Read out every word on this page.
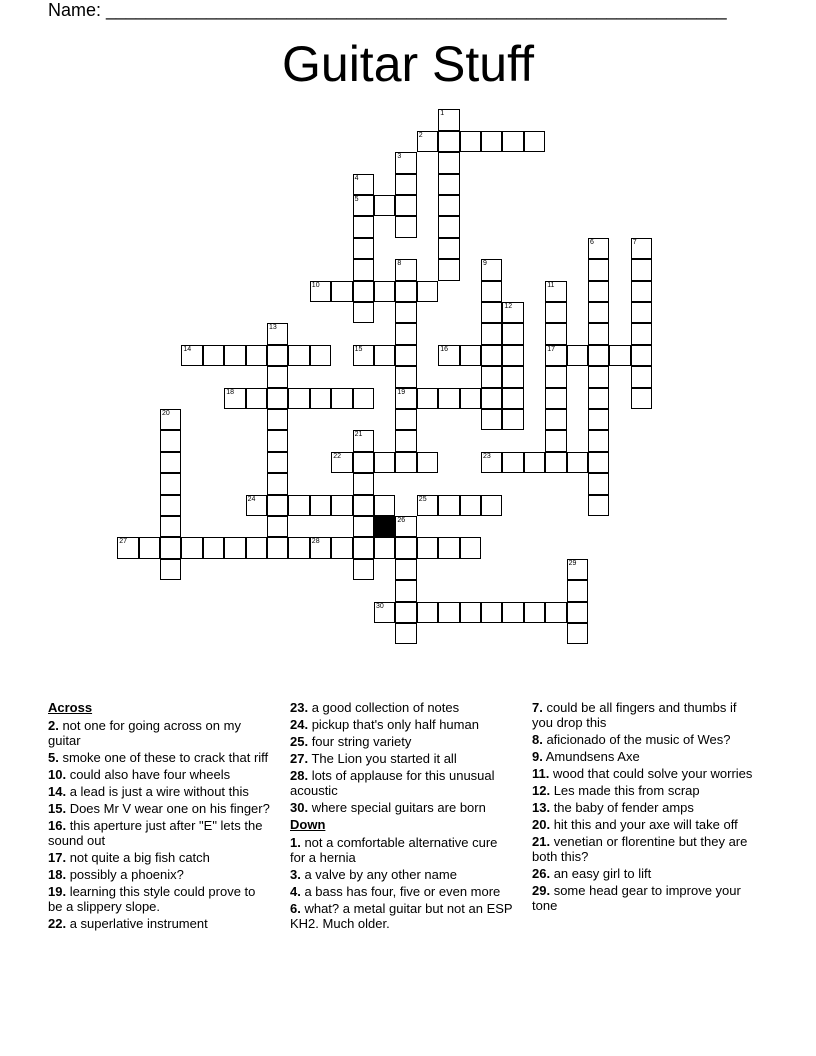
Name: ______________________________________________________________
Guitar Stuff
1
2
3
4
5
6	7
8	9
10	11
12
13
14	15	16	17
18	19
20
21
22	23
24	25
26
27	28
29
30
Across
2. not one for going across on my guitar
5. smoke one of these to crack that riff
10. could also have four wheels
14. a lead is just a wire without this
15. Does Mr V wear one on his finger?
16. this aperture just after "E" lets the sound out
17. not quite a big fish catch
18. possibly a phoenix?
19. learning this style could prove to be a slippery slope.
22. a superlative instrument
23. a good collection of notes
24. pickup that's only half human
25. four string variety
27. The Lion you started it all
28. lots of applause for this unusual acoustic
30. where special guitars are born
Down
1. not a comfortable alternative cure for a hernia
3. a valve by any other name
4. a bass has four, five or even more
6. what? a metal guitar but not an ESP KH2. Much older.
7. could be all fingers and thumbs if you drop this
8. aficionado of the music of Wes?
9. Amundsens Axe
11. wood that could solve your worries
12. Les made this from scrap
13. the baby of fender amps
20. hit this and your axe will take off
21. venetian or florentine but they are both this?
26. an easy girl to lift
29. some head gear to improve your tone
